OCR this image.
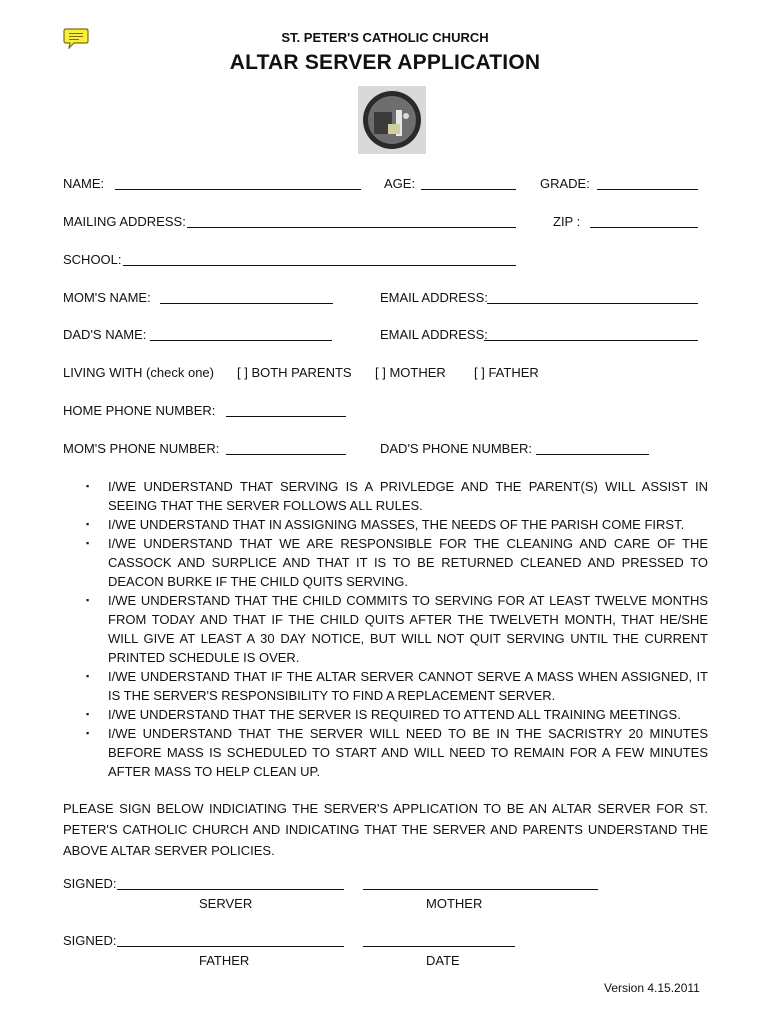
ST. PETER'S CATHOLIC CHURCH
ALTAR SERVER APPLICATION
NAME:	AGE:	GRADE:
MAILING ADDRESS:	ZIP :
SCHOOL:
MOM'S NAME:	EMAIL ADDRESS:
DAD'S NAME:	EMAIL ADDRESS:
LIVING WITH (check one) [ ] BOTH PARENTS [ ] MOTHER [ ] FATHER
HOME PHONE NUMBER:
MOM'S PHONE NUMBER:	DAD'S PHONE NUMBER:
▪ I/WE UNDERSTAND THAT SERVING IS A PRIVLEDGE AND THE PARENT(S) WILL ASSIST IN SEEING THAT THE SERVER FOLLOWS ALL RULES.
▪ I/WE UNDERSTAND THAT IN ASSIGNING MASSES, THE NEEDS OF THE PARISH COME FIRST.
▪ I/WE UNDERSTAND THAT WE ARE RESPONSIBLE FOR THE CLEANING AND CARE OF THE CASSOCK AND SURPLICE AND THAT IT IS TO BE RETURNED CLEANED AND PRESSED TO DEACON BURKE IF THE CHILD QUITS SERVING.
▪ I/WE UNDERSTAND THAT THE CHILD COMMITS TO SERVING FOR AT LEAST TWELVE MONTHS FROM TODAY AND THAT IF THE CHILD QUITS AFTER THE TWELVETH MONTH, THAT HE/SHE WILL GIVE AT LEAST A 30 DAY NOTICE, BUT WILL NOT QUIT SERVING UNTIL THE CURRENT PRINTED SCHEDULE IS OVER.
▪ I/WE UNDERSTAND THAT IF THE ALTAR SERVER CANNOT SERVE A MASS WHEN ASSIGNED, IT IS THE SERVER'S RESPONSIBILITY TO FIND A REPLACEMENT SERVER.
▪ I/WE UNDERSTAND THAT THE SERVER IS REQUIRED TO ATTEND ALL TRAINING MEETINGS.
▪ I/WE UNDERSTAND THAT THE SERVER WILL NEED TO BE IN THE SACRISTRY 20 MINUTES BEFORE MASS IS SCHEDULED TO START AND WILL NEED TO REMAIN FOR A FEW MINUTES AFTER MASS TO HELP CLEAN UP.
PLEASE SIGN BELOW INDICIATING THE SERVER'S APPLICATION TO BE AN ALTAR SERVER FOR ST. PETER'S CATHOLIC CHURCH AND INDICATING THAT THE SERVER AND PARENTS UNDERSTAND THE ABOVE ALTAR SERVER POLICIES.
SIGNED:
SERVER	MOTHER
SIGNED:
FATHER	DATE
Version 4.15.2011
